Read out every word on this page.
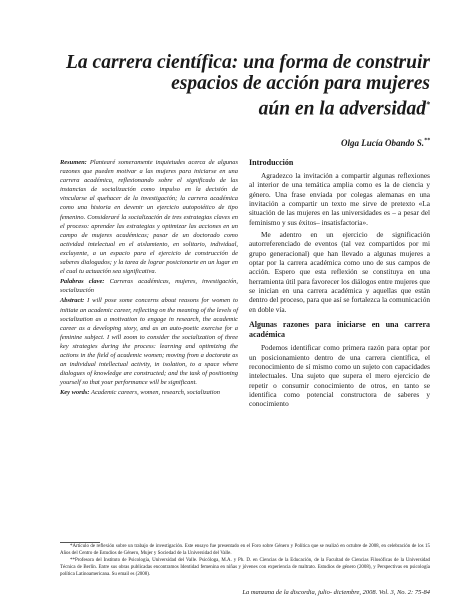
La carrera científica: una forma de construir
espacios de acción para mujeres
aún en la adversidad*
Olga Lucía Obando S.**

Resumen: Plantearé someramente inquietudes acerca de algunas razones que pueden motivar a las mujeres para iniciarse en una carrera académica, reflexionando sobre el significado de las instancias de socialización como impulso en la decisión de vincularse al quehacer de la investigación; la carrera académica como una historia en devenir un ejercicio autopoiético de tipo femenino. Consideraré la socialización de tres estrategias claves en el proceso: aprender las estrategias y optimizar las acciones en un campo de mujeres académicas; pasar de un doctorado como actividad intelectual en el aislamiento, en solitario, individual, excluyente, a un espacio para el ejercicio de construcción de saberes dialogados; y la tarea de lograr posicionarte en un lugar en el cual tu actuación sea significativa.

Palabras clave: Carreras académicas, mujeres, investigación, socialización

Abstract: I will pose some concerns about reasons for women to initiate an academic career, reflecting on the meaning of the levels of socialization as a motivation to engage in research, the academic career as a developing story, and as an auto-poetic exercise for a feminine subject. I will zoom to consider the socialization of three key strategies during the process: learning and optimizing the actions in the field of academic women; moving from a doctorate as an individual intellectual activity, in isolation, to a space where dialogues of knowledge are constructed; and the task of positioning yourself so that your performance will be significant.

Key words: Academic careers, women, research, socialization

Introducción

Agradezco la invitación a compartir algunas reflexiones al interior de una temática amplia como es la de ciencia y género. Una frase enviada por colegas alemanas en una invitación a compartir un texto me sirve de pretexto «La situación de las mujeres en las universidades es – a pesar del feminismo y sus éxitos– insatisfactoria».

Me adentro en un ejercicio de significación autorreferenciado de eventos (tal vez compartidos por mi grupo generacional) que han llevado a algunas mujeres a optar por la carrera académica como uno de sus campos de acción. Espero que esta reflexión se constituya en una herramienta útil para favorecer los diálogos entre mujeres que se inician en una carrera académica y aquellas que están dentro del proceso, para que así se fortalezca la comunicación en doble vía.

Algunas razones para iniciarse en una carrera académica

Podemos identificar como primera razón para optar por un posicionamiento dentro de una carrera científica, el reconocimiento de sí mismo como un sujeto con capacidades intelectuales. Una sujeto que supera el mero ejercicio de repetir o consumir conocimiento de otros, en tanto se identifica como potencial constructora de saberes y conocimiento

*Artículo de reflexión sobre un trabajo de investigación. Este ensayo fue presentado en el Foro sobre Género y Política que se realizó en octubre de 2008, en celebración de los 15 Años del Centro de Estudios de Género, Mujer y Sociedad de la Universidad del Valle.

**Profesora del Instituto de Psicología, Universidad del Valle. Psicóloga, M.A. y Ph. D. en Ciencias de la Educación, de la Facultad de Ciencias Filosóficas de la Universidad Técnica de Berlín. Entre sus obras publicadas encontramos Identidad femenina en niñas y jóvenes con experiencia de maltrato. Estudios de género (2008), y Perspectivas en psicología política Latinoamericana. Su email es (2008).

La manzana de la discordia, julio- diciembre, 2008. Vol. 3, No. 2: 75-84
